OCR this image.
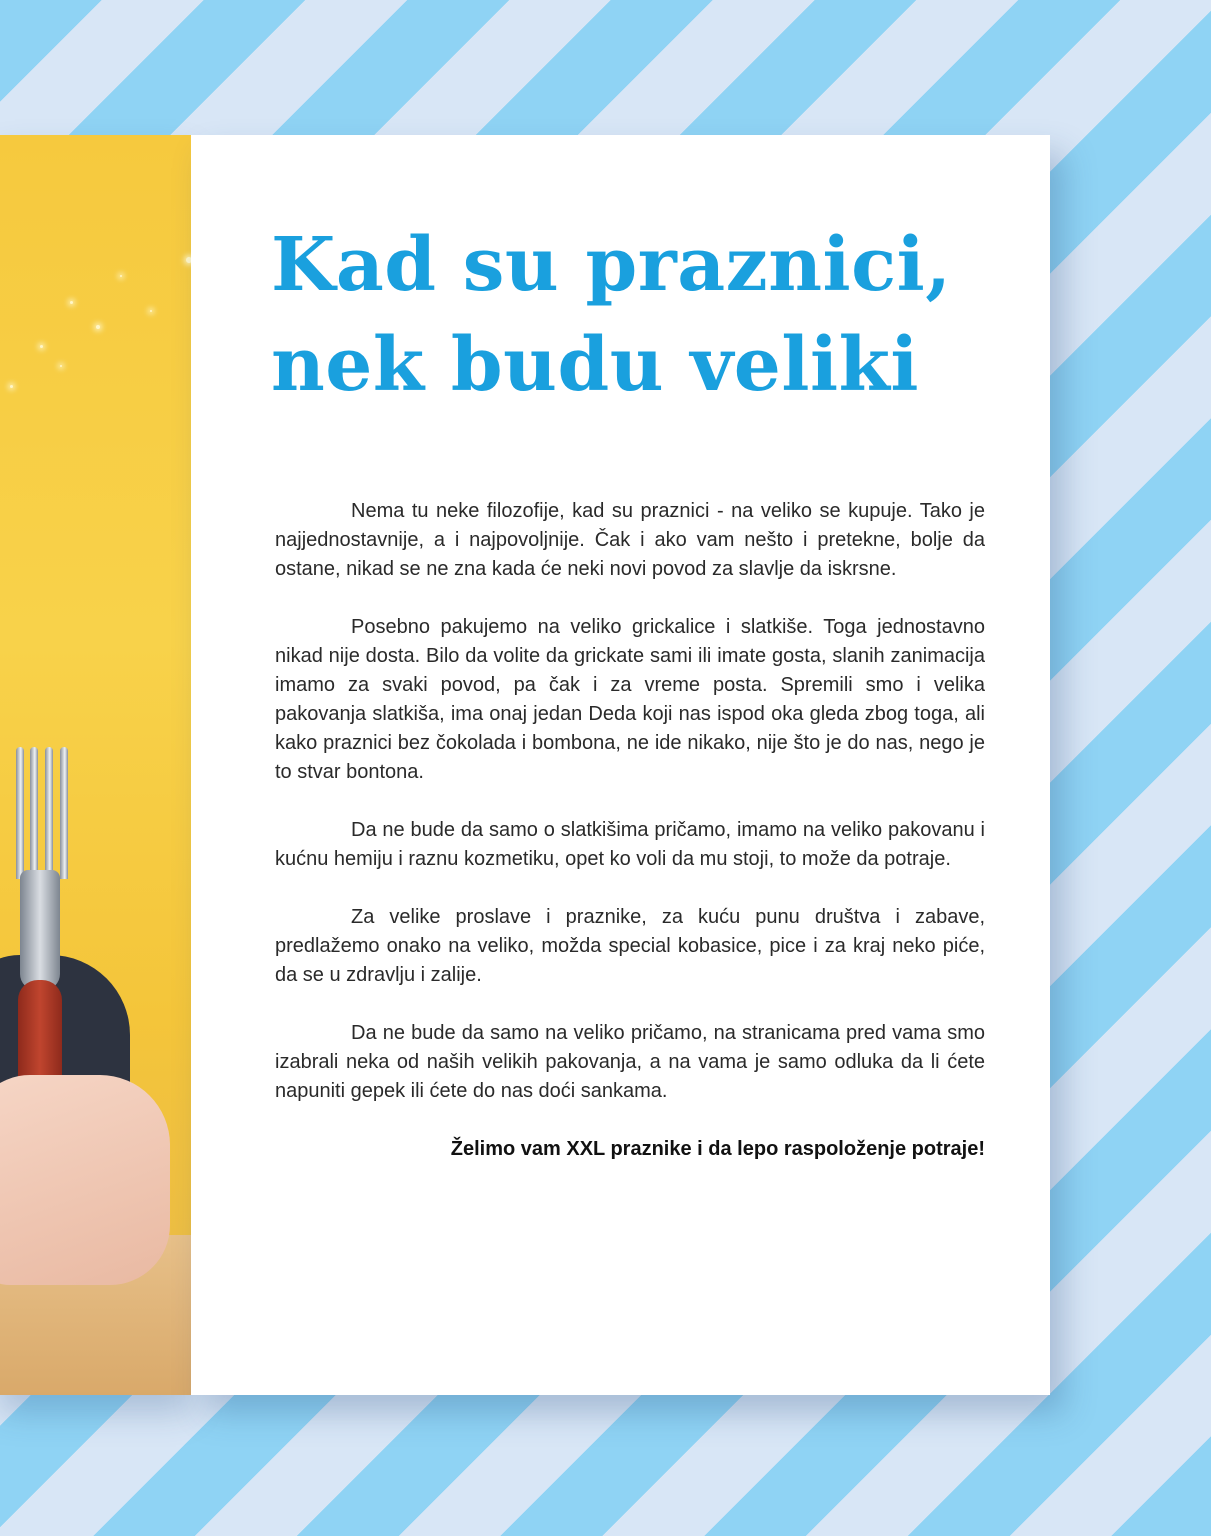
Kad su praznici,
nek budu veliki

Nema tu neke filozofije, kad su praznici - na veliko se kupuje. Tako je najjednostavnije, a i najpovoljnije. Čak i ako vam nešto i pretekne, bolje da ostane, nikad se ne zna kada će neki novi povod za slavlje da iskrsne.

Posebno pakujemo na veliko grickalice i slatkiše. Toga jednostavno nikad nije dosta. Bilo da volite da grickate sami ili imate gosta, slanih zanimacija imamo za svaki povod, pa čak i za vreme posta. Spremili smo i velika pakovanja slatkiša, ima onaj jedan Deda koji nas ispod oka gleda zbog toga, ali kako praznici bez čokolada i bombona, ne ide nikako, nije što je do nas, nego je to stvar bontona.

Da ne bude da samo o slatkišima pričamo, imamo na veliko pakovanu i kućnu hemiju i raznu kozmetiku, opet ko voli da mu stoji, to može da potraje.

Za velike proslave i praznike, za kuću punu društva i zabave, predlažemo onako na veliko, možda special kobasice, pice i za kraj neko piće, da se u zdravlju i zalije.

Da ne bude da samo na veliko pričamo, na stranicama pred vama smo izabrali neka od naših velikih pakovanja, a na vama je samo odluka da li ćete napuniti gepek ili ćete do nas doći sankama.

Želimo vam XXL praznike i da lepo raspoloženje potraje!
